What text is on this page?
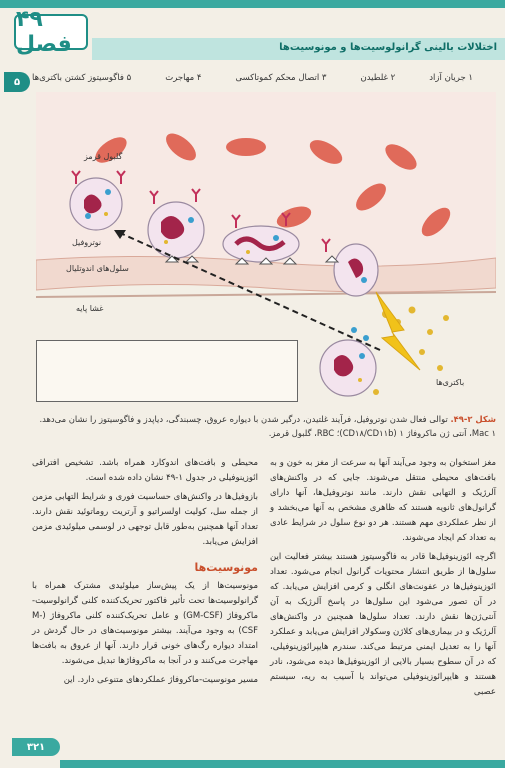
۴۹ فصل	اختلالات بالینی گرانولوسیت‌ها و مونوسیت‌ها
۵	۱ جریان آزاد
۲ غلطیدن
۳ اتصال محکم کموتاکسی
۴ مهاجرت
۵ فاگوسیتوز کشتن باکتری‌ها
گلبول قرمز
نوتروفیل
سلول‌های اندوتلیال
غشا پایه
باکتری‌ها
شکل ۲-۴۹. توالی فعال شدن نوتروفیل، فرآیند غلتیدن، درگیر شدن با دیواره عروق، چسبندگی، دیاپدز و فاگوسیتوز را نشان می‌دهد. Mac ۱، آنتی ژن ماکروفاژ ۱ (CD۱۸/CD۱۱b)؛ RBC، گلبول قرمز.

مغز استخوان به وجود می‌آیند آنها به سرعت از مغز به خون و به بافت‌های محیطی منتقل می‌شوند. جایی که در واکنش‌های آلرژیک و التهابی نقش دارند. مانند نوتروفیل‌ها، آنها دارای گرانول‌های ثانویه هستند که ظاهری مشخص به آنها می‌بخشد و از نظر عملکردی مهم هستند. هر دو نوع سلول در شرایط عادی به تعداد کم ایجاد می‌شوند.

اگرچه ائوزینوفیل‌ها قادر به فاگوسیتوز هستند بیشتر فعالیت این سلول‌ها از طریق انتشار محتویات گرانول انجام می‌شود. تعداد ائوزینوفیل‌ها در عفونت‌های انگلی و کرمی افزایش می‌یابد. که در آن تصور می‌شود این سلول‌ها در پاسخ آلرژیک به آن آنتی‌ژن‌ها نقش دارند. تعداد سلول‌ها همچنین در واکنش‌های آلرژیک و در بیماری‌های کلاژن وسکولار افزایش می‌یابد و عملکرد آنها را به تعدیل ایمنی مرتبط می‌کند. سندرم هایپرائوزینوفیلی، که در آن سطوح بسیار بالایی از ائوزینوفیل‌ها دیده می‌شود، نادر هستند و هایپرائوزینوفیلی می‌تواند با آسیب به ریه، سیستم عصبی

محیطی و بافت‌های اندوکارد همراه باشد. تشخیص افتراقی ائوزینوفیلی در جدول ۱-۴۹ نشان داده شده است.

بازوفیل‌ها در واکنش‌های حساسیت فوری و شرایط التهابی مزمن از جمله سل، کولیت اولسراتیو و آرتریت روماتوئید نقش دارند. تعداد آنها همچنین به‌طور قابل توجهی در لوسمی میلوئیدی مزمن افزایش می‌یابد.

مونوسیت‌ها

مونوسیت‌ها از یک پیش‌ساز میلوئیدی مشترک همراه با گرانولوسیت‌ها تحت تأثیر فاکتور تحریک‌کننده کلنی گرانولوسیت-ماکروفاژ (GM-CSF) و عامل تحریک‌کننده کلنی ماکروفاژ (M-CSF) به وجود می‌آیند. بیشتر مونوسیت‌های در حال گردش در امتداد دیواره رگ‌های خونی قرار دارند. آنها از عروق به بافت‌ها مهاجرت می‌کنند و در آنجا به ماکروفاژها تبدیل می‌شوند.

مسیر مونوسیت-ماکروفاژ عملکردهای متنوعی دارد. این

۳۲۱
